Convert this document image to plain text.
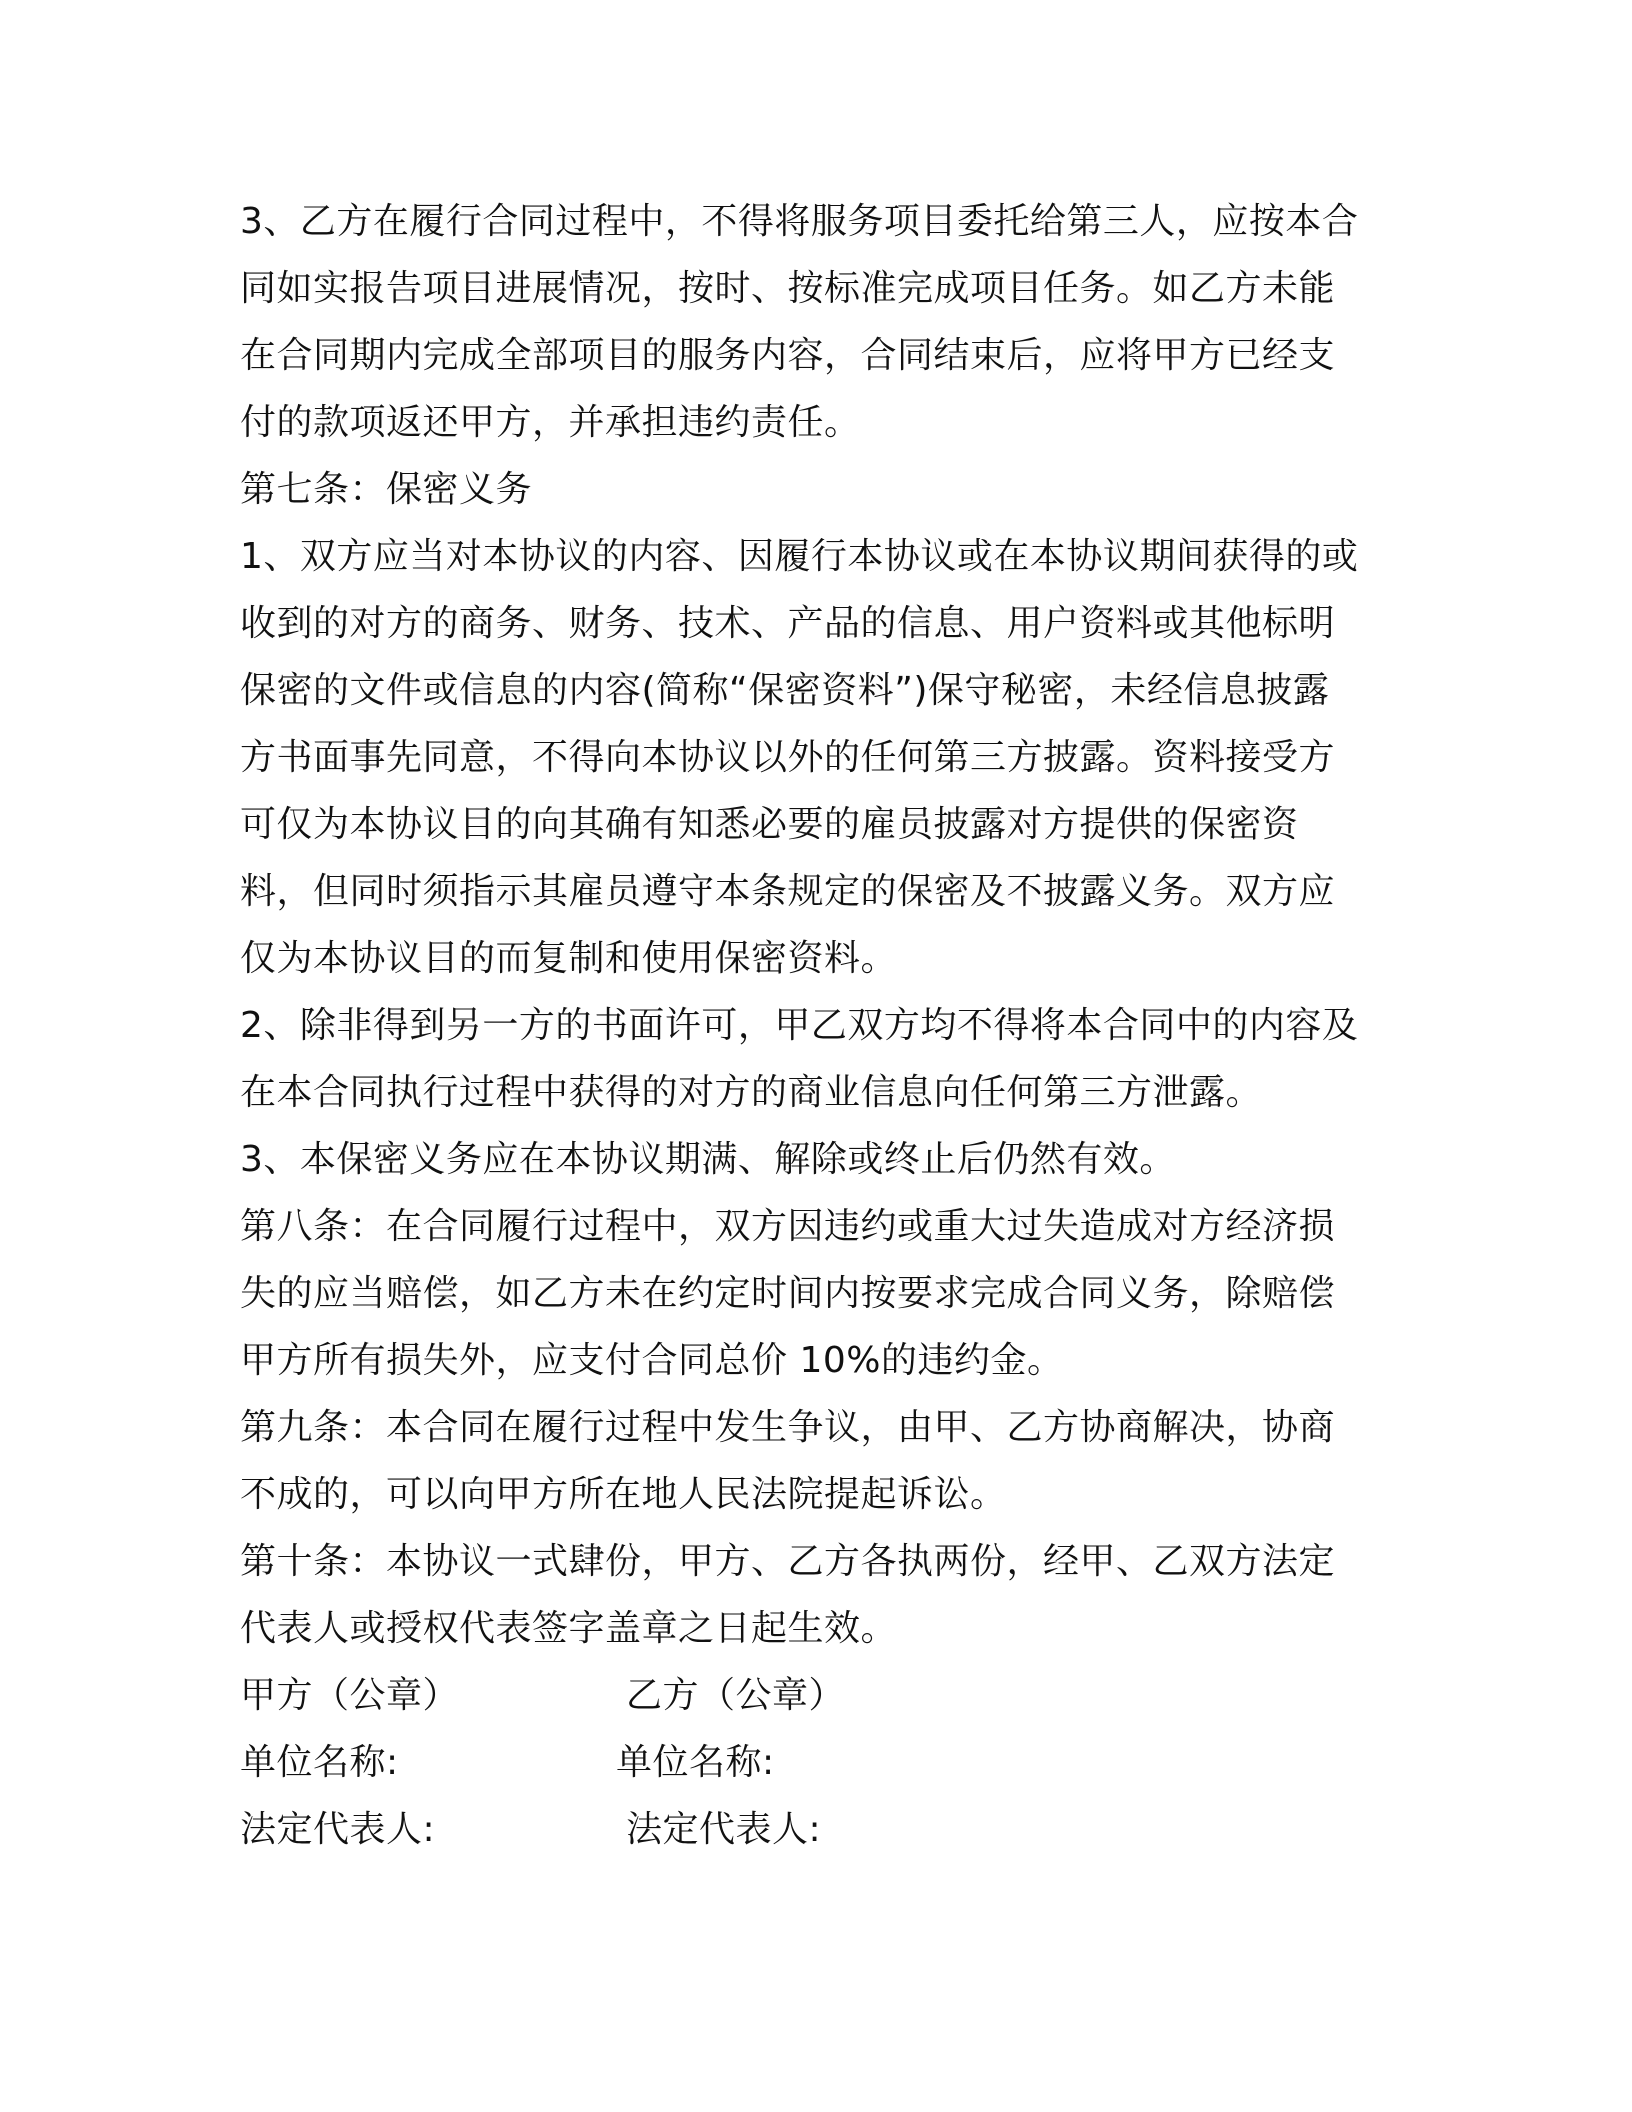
3、乙方在履行合同过程中，不得将服务项目委托给第三人，应按本合
同如实报告项目进展情况，按时、按标准完成项目任务。如乙方未能
在合同期内完成全部项目的服务内容，合同结束后，应将甲方已经支
付的款项返还甲方，并承担违约责任。
第七条：保密义务
1、双方应当对本协议的内容、因履行本协议或在本协议期间获得的或
收到的对方的商务、财务、技术、产品的信息、用户资料或其他标明
保密的文件或信息的内容(简称“保密资料”)保守秘密，未经信息披露
方书面事先同意，不得向本协议以外的任何第三方披露。资料接受方
可仅为本协议目的向其确有知悉必要的雇员披露对方提供的保密资
料，但同时须指示其雇员遵守本条规定的保密及不披露义务。双方应
仅为本协议目的而复制和使用保密资料。
2、除非得到另一方的书面许可，甲乙双方均不得将本合同中的内容及
在本合同执行过程中获得的对方的商业信息向任何第三方泄露。
3、本保密义务应在本协议期满、解除或终止后仍然有效。
第八条：在合同履行过程中，双方因违约或重大过失造成对方经济损
失的应当赔偿，如乙方未在约定时间内按要求完成合同义务，除赔偿
甲方所有损失外，应支付合同总价 10%的违约金。
第九条：本合同在履行过程中发生争议，由甲、乙方协商解决，协商
不成的，可以向甲方所在地人民法院提起诉讼。
第十条：本协议一式肆份，甲方、乙方各执两份，经甲、乙双方法定
代表人或授权代表签字盖章之日起生效。
甲方（公章）	乙方（公章）
单位名称:	单位名称:
法定代表人:	法定代表人:
